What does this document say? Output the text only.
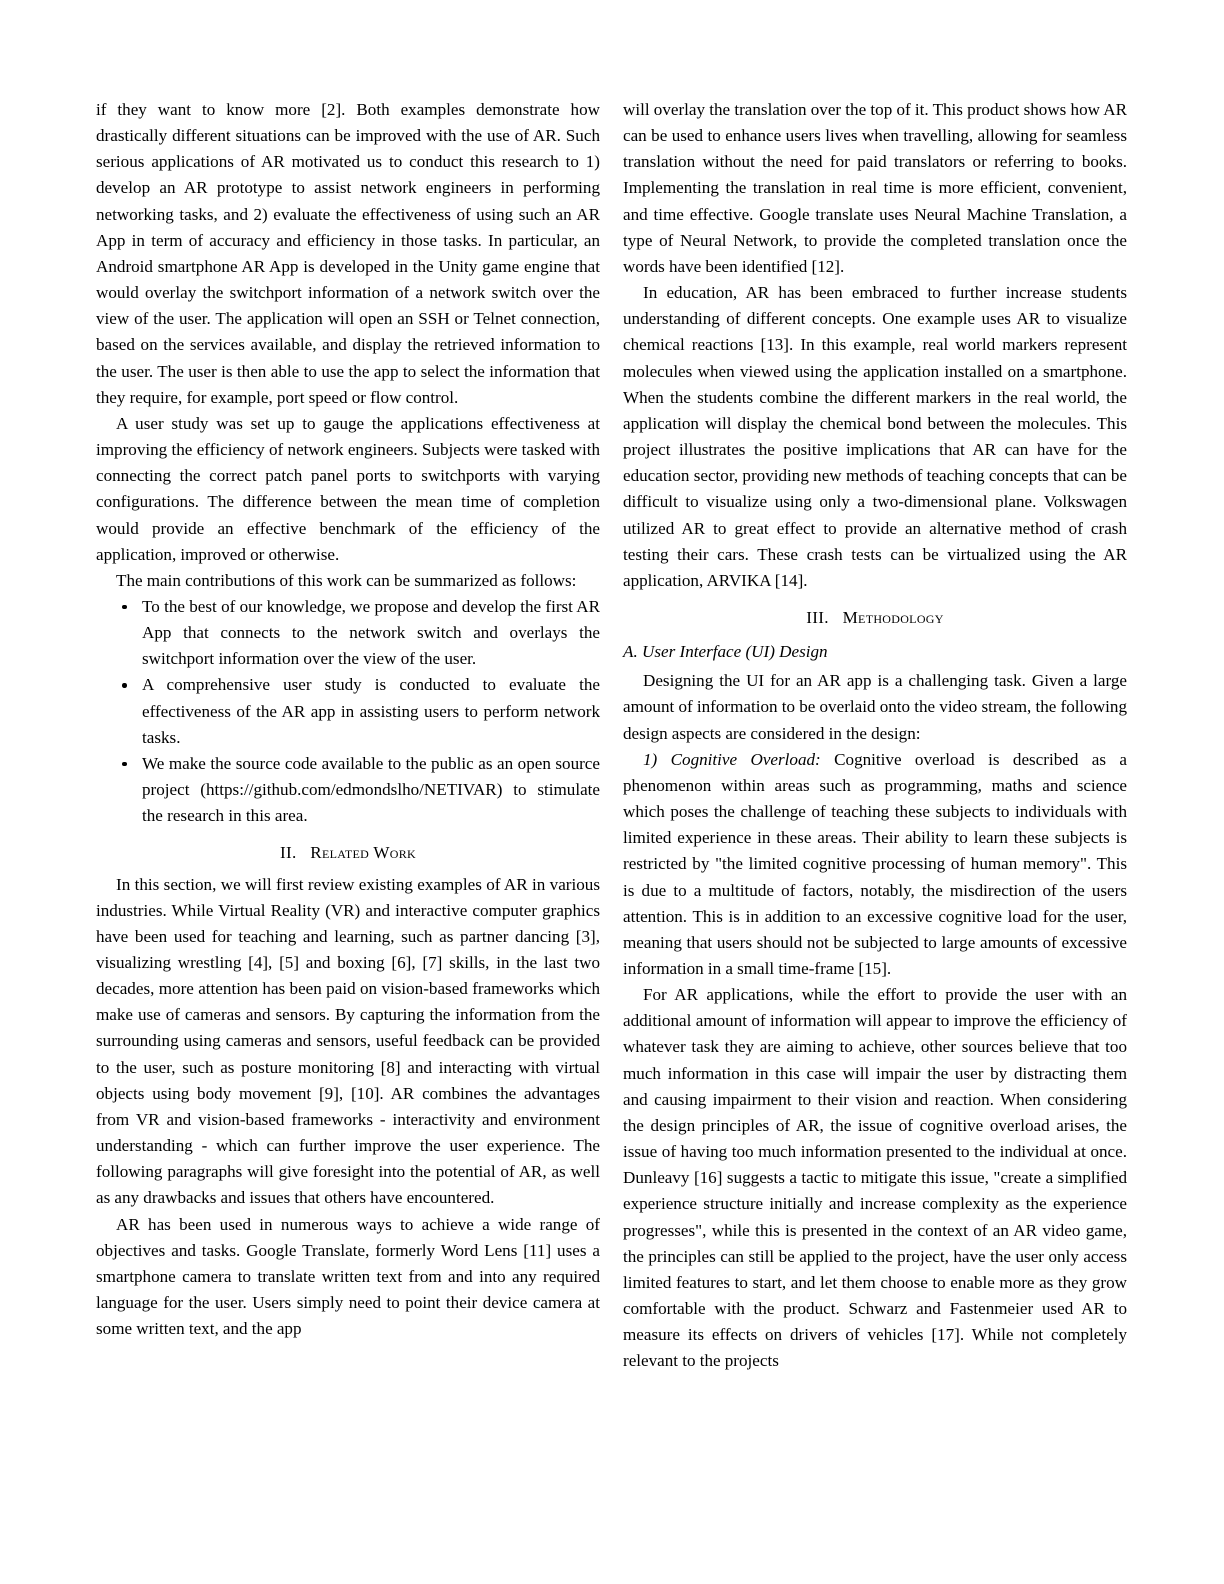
if they want to know more [2]. Both examples demonstrate how drastically different situations can be improved with the use of AR. Such serious applications of AR motivated us to conduct this research to 1) develop an AR prototype to assist network engineers in performing networking tasks, and 2) evaluate the effectiveness of using such an AR App in term of accuracy and efficiency in those tasks. In particular, an Android smartphone AR App is developed in the Unity game engine that would overlay the switchport information of a network switch over the view of the user. The application will open an SSH or Telnet connection, based on the services available, and display the retrieved information to the user. The user is then able to use the app to select the information that they require, for example, port speed or flow control.

A user study was set up to gauge the applications effectiveness at improving the efficiency of network engineers. Subjects were tasked with connecting the correct patch panel ports to switchports with varying configurations. The difference between the mean time of completion would provide an effective benchmark of the efficiency of the application, improved or otherwise.

The main contributions of this work can be summarized as follows:

To the best of our knowledge, we propose and develop the first AR App that connects to the network switch and overlays the switchport information over the view of the user.
A comprehensive user study is conducted to evaluate the effectiveness of the AR app in assisting users to perform network tasks.
We make the source code available to the public as an open source project (https://github.com/edmondslho/NETIVAR) to stimulate the research in this area.
II. Related Work

In this section, we will first review existing examples of AR in various industries. While Virtual Reality (VR) and interactive computer graphics have been used for teaching and learning, such as partner dancing [3], visualizing wrestling [4], [5] and boxing [6], [7] skills, in the last two decades, more attention has been paid on vision-based frameworks which make use of cameras and sensors. By capturing the information from the surrounding using cameras and sensors, useful feedback can be provided to the user, such as posture monitoring [8] and interacting with virtual objects using body movement [9], [10]. AR combines the advantages from VR and vision-based frameworks - interactivity and environment understanding - which can further improve the user experience. The following paragraphs will give foresight into the potential of AR, as well as any drawbacks and issues that others have encountered.

AR has been used in numerous ways to achieve a wide range of objectives and tasks. Google Translate, formerly Word Lens [11] uses a smartphone camera to translate written text from and into any required language for the user. Users simply need to point their device camera at some written text, and the app

will overlay the translation over the top of it. This product shows how AR can be used to enhance users lives when travelling, allowing for seamless translation without the need for paid translators or referring to books. Implementing the translation in real time is more efficient, convenient, and time effective. Google translate uses Neural Machine Translation, a type of Neural Network, to provide the completed translation once the words have been identified [12].

In education, AR has been embraced to further increase students understanding of different concepts. One example uses AR to visualize chemical reactions [13]. In this example, real world markers represent molecules when viewed using the application installed on a smartphone. When the students combine the different markers in the real world, the application will display the chemical bond between the molecules. This project illustrates the positive implications that AR can have for the education sector, providing new methods of teaching concepts that can be difficult to visualize using only a two-dimensional plane. Volkswagen utilized AR to great effect to provide an alternative method of crash testing their cars. These crash tests can be virtualized using the AR application, ARVIKA [14].

III. Methodology
A. User Interface (UI) Design

Designing the UI for an AR app is a challenging task. Given a large amount of information to be overlaid onto the video stream, the following design aspects are considered in the design:

1) Cognitive Overload: Cognitive overload is described as a phenomenon within areas such as programming, maths and science which poses the challenge of teaching these subjects to individuals with limited experience in these areas. Their ability to learn these subjects is restricted by "the limited cognitive processing of human memory". This is due to a multitude of factors, notably, the misdirection of the users attention. This is in addition to an excessive cognitive load for the user, meaning that users should not be subjected to large amounts of excessive information in a small time-frame [15].

For AR applications, while the effort to provide the user with an additional amount of information will appear to improve the efficiency of whatever task they are aiming to achieve, other sources believe that too much information in this case will impair the user by distracting them and causing impairment to their vision and reaction. When considering the design principles of AR, the issue of cognitive overload arises, the issue of having too much information presented to the individual at once. Dunleavy [16] suggests a tactic to mitigate this issue, "create a simplified experience structure initially and increase complexity as the experience progresses", while this is presented in the context of an AR video game, the principles can still be applied to the project, have the user only access limited features to start, and let them choose to enable more as they grow comfortable with the product. Schwarz and Fastenmeier used AR to measure its effects on drivers of vehicles [17]. While not completely relevant to the projects
